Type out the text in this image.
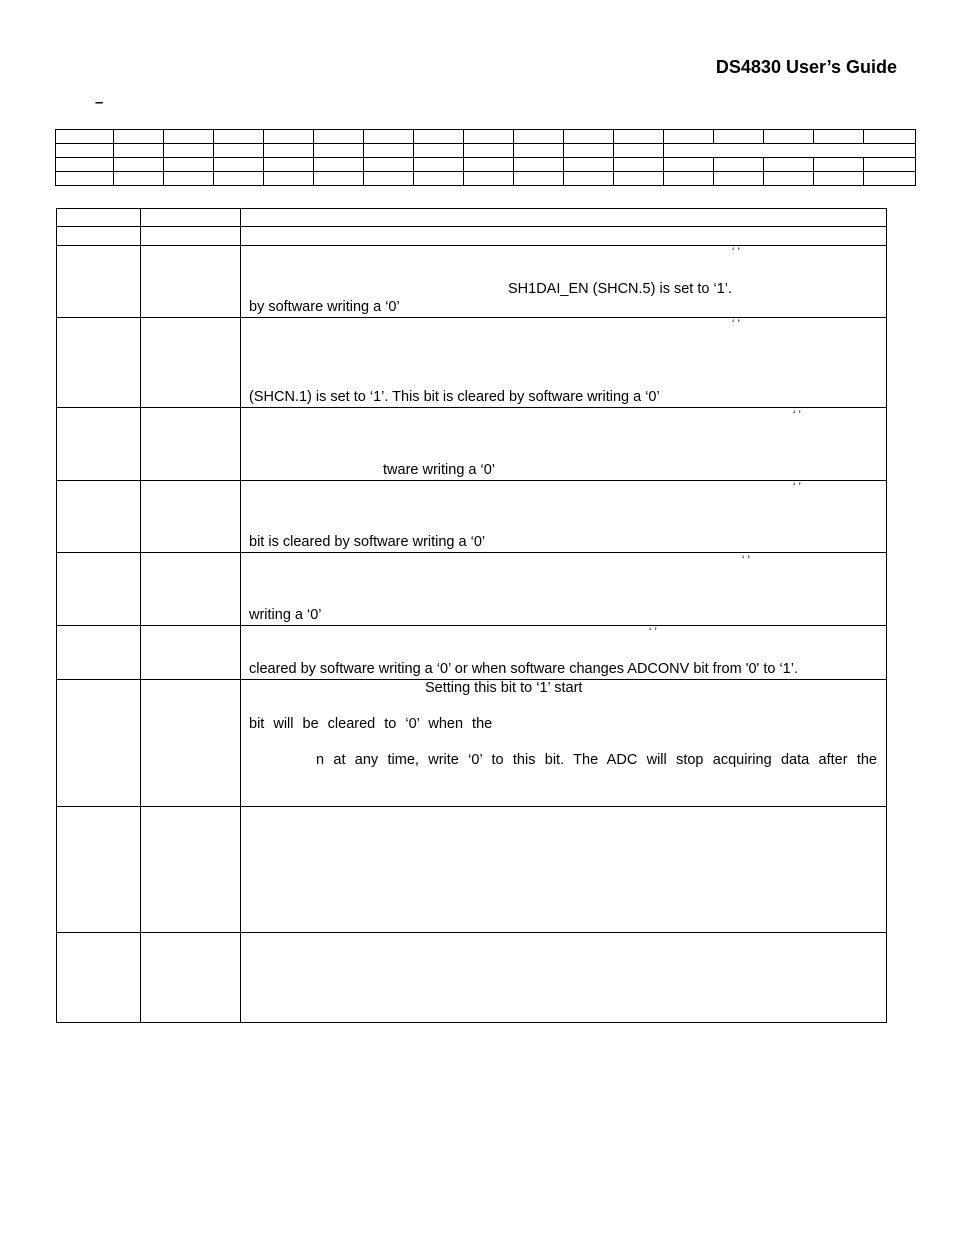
DS4830 User’s Guide
–

		‘ ’
SH1DAI_EN (SHCN.5) is set to ‘1’.
by software writing a ‘0’

		‘ ’
(SHCN.1) is set to ‘1’. This bit is cleared by software writing a ‘0’

		‘ ’
tware writing a ‘0’

		‘ ’
bit is cleared by software writing a ‘0’

		‘ ’
writing a ‘0’

		‘ ’
cleared by software writing a ‘0’ or when software changes ADCONV bit from '0' to ‘1’.

		Setting this bit to ‘1’ start
bit will be cleared to ‘0’ when the
n at any time, write ‘0’ to this bit. The ADC will stop acquiring data after the
